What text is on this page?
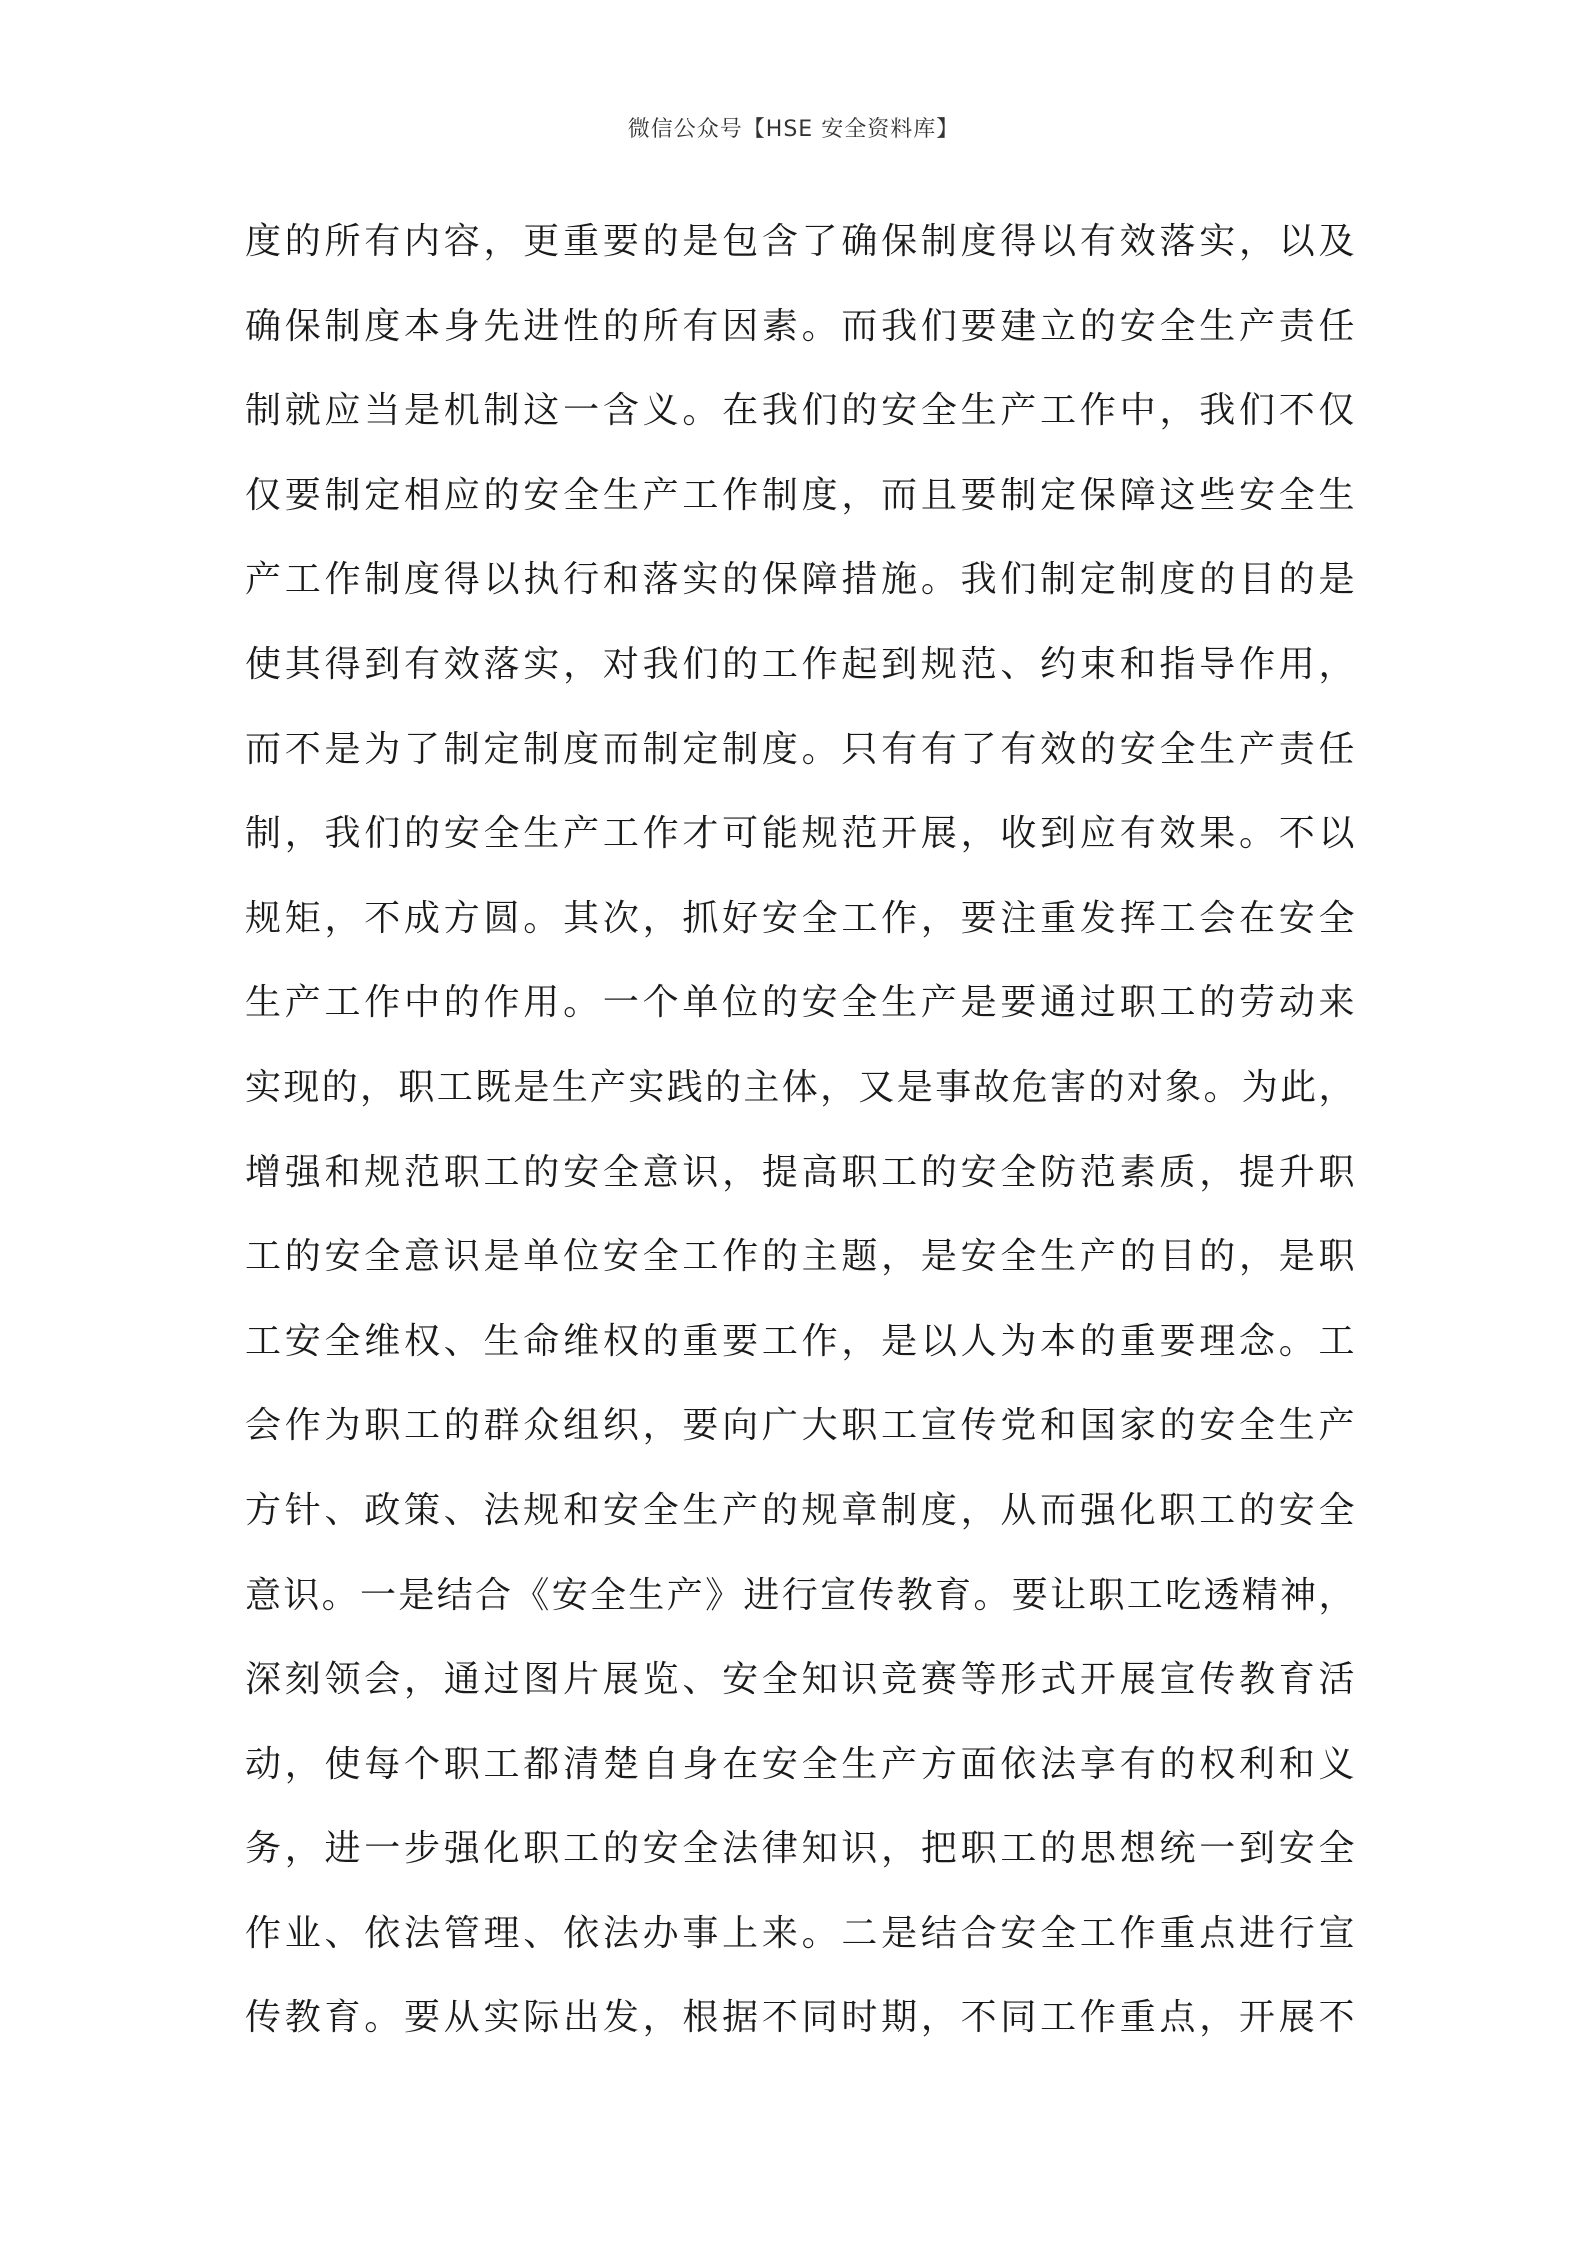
微信公众号【HSE 安全资料库】
度的所有内容，更重要的是包含了确保制度得以有效落实，以及
确保制度本身先进性的所有因素。而我们要建立的安全生产责任
制就应当是机制这一含义。在我们的安全生产工作中，我们不仅
仅要制定相应的安全生产工作制度，而且要制定保障这些安全生
产工作制度得以执行和落实的保障措施。我们制定制度的目的是
使其得到有效落实，对我们的工作起到规范、约束和指导作用，
而不是为了制定制度而制定制度。只有有了有效的安全生产责任
制，我们的安全生产工作才可能规范开展，收到应有效果。不以
规矩，不成方圆。其次，抓好安全工作，要注重发挥工会在安全
生产工作中的作用。一个单位的安全生产是要通过职工的劳动来
实现的，职工既是生产实践的主体，又是事故危害的对象。为此，
增强和规范职工的安全意识，提高职工的安全防范素质，提升职
工的安全意识是单位安全工作的主题，是安全生产的目的，是职
工安全维权、生命维权的重要工作，是以人为本的重要理念。工
会作为职工的群众组织，要向广大职工宣传党和国家的安全生产
方针、政策、法规和安全生产的规章制度，从而强化职工的安全
意识。一是结合《安全生产》进行宣传教育。要让职工吃透精神，
深刻领会，通过图片展览、安全知识竞赛等形式开展宣传教育活
动，使每个职工都清楚自身在安全生产方面依法享有的权利和义
务，进一步强化职工的安全法律知识，把职工的思想统一到安全
作业、依法管理、依法办事上来。二是结合安全工作重点进行宣
传教育。要从实际出发，根据不同时期，不同工作重点，开展不
